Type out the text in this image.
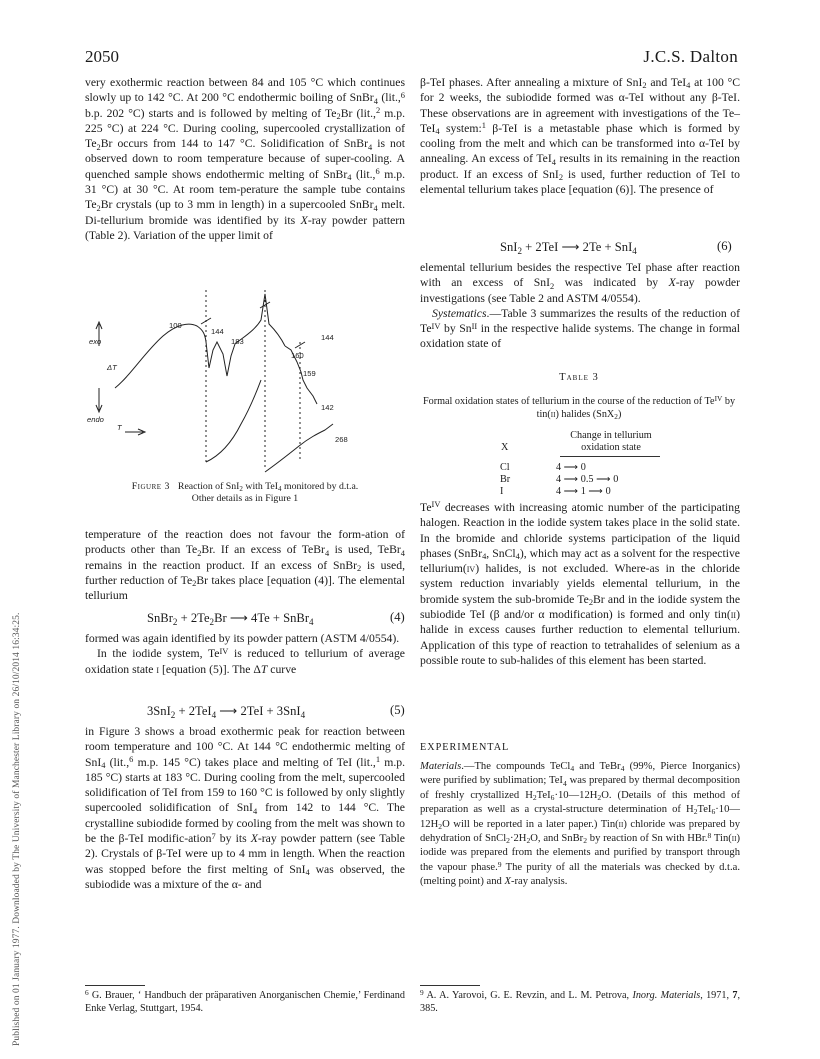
Published on 01 January 1977. Downloaded by The University of Manchester Library on 26/10/2014 16:34:25.
2050	J.C.S. Dalton

very exothermic reaction between 84 and 105 °C which continues slowly up to 142 °C. At 200 °C endothermic boiling of SnBr$_4$ (lit.,$^6$ b.p. 202 °C) starts and is followed by melting of $Te_2Br$ (lit.,$^2$ m.p. 225 °C) at 224 °C. During cooling, supercooled crystallization of $Te_2Br$ occurs from 144 to 147 °C. Solidification of SnBr$_4$ is not observed down to room temperature because of super-cooling. A quenched sample shows endothermic melting of SnBr$_4$ (lit.,$^6$ m.p. 31 °C) at 30 °C. At room tem-perature the sample tube contains $Te_2Br$ crystals (up to 3 mm in length) in a supercooled SnBr$_4$ melt. Di-tellurium bromide was identified by its X-ray powder pattern (Table 2). Variation of the upper limit of

exo
ΔT
endo
T
100
144
183	144
160
159
142
268
Figure 3 Reaction of SnI$_2$ with TeI$_4$ monitored by d.t.a.
Other details as in Figure 1

temperature of the reaction does not favour the form-ation of products other than $Te_2Br$. If an excess of TeBr$_4$ is used, TeBr$_4$ remains in the reaction product. If an excess of SnBr$_2$ is used, further reduction of $Te_2Br$ takes place [equation (4)]. The elemental tellurium

SnBr$_2$ + $2Te_2Br$ ⟶ 4Te + SnBr$_4$	(4)

formed was again identified by its powder pattern (ASTM 4/0554).

In the iodide system, $Te^{IV}$ is reduced to tellurium of average oxidation state i [equation (5)]. The ΔT curve

3SnI$_2$ + 2TeI$_4$ ⟶ 2TeI + 3SnI$_4$	(5)

in Figure 3 shows a broad exothermic peak for reaction between room temperature and 100 °C. At 144 °C endothermic melting of SnI$_4$ (lit.,$^6$ m.p. 145 °C) takes place and melting of TeI (lit.,$^1$ m.p. 185 °C) starts at 183 °C. During cooling from the melt, supercooled solidification of TeI from 159 to 160 °C is followed by only slightly supercooled solidification of SnI$_4$ from 142 to 144 °C. The crystalline subiodide formed by cooling from the melt was shown to be the β-TeI modific-ation$^7$ by its X-ray powder pattern (see Table 2). Crystals of β-TeI were up to 4 mm in length. When the reaction was stopped before the first melting of SnI$_4$ was observed, the subiodide was a mixture of the α- and

$^6$ G. Brauer, ‘ Handbuch der präparativen Anorganischen Chemie,’ Ferdinand Enke Verlag, Stuttgart, 1954.

β-TeI phases. After annealing a mixture of SnI$_2$ and TeI$_4$ at 100 °C for 2 weeks, the subiodide formed was α-TeI without any β-TeI. These observations are in agreement with investigations of the Te–TeI$_4$ system:$^1$ β-TeI is a metastable phase which is formed by cooling from the melt and which can be transformed into α-TeI by annealing. An excess of TeI$_4$ results in its remaining in the reaction product. If an excess of SnI$_2$ is used, further reduction of TeI to elemental tellurium takes place [equation (6)]. The presence of

SnI$_2$ + 2TeI ⟶ 2Te + SnI$_4$	(6)

elemental tellurium besides the respective TeI phase after reaction with an excess of SnI$_2$ was indicated by X-ray powder investigations (see Table 2 and ASTM 4/0554).

Systematics.—Table 3 summarizes the results of the reduction of $Te^{IV}$ by $Sn^{II}$ in the respective halide systems. The change in formal oxidation state of

Table 3
Formal oxidation states of tellurium in the course of the reduction of $Te^{IV}$ by tin(ii) halides (SnX$_2$)
X
Change in tellurium
oxidation state
Cl	4 ⟶ 0
Br	4 ⟶ 0.5 ⟶ 0
I	4 ⟶ 1 ⟶ 0

$Te^{IV}$ decreases with increasing atomic number of the participating halogen. Reaction in the iodide system takes place in the solid state. In the bromide and chloride systems participation of the liquid phases (SnBr$_4$, SnCl$_4$), which may act as a solvent for the respective tellurium(iv) halides, is not excluded. Where-as in the chloride system reduction invariably yields elemental tellurium, in the bromide system the sub-bromide $Te_2Br$ and in the iodide system the subiodide TeI (β and/or α modification) is formed and only tin(ii) halide in excess causes further reduction to elemental tellurium. Application of this type of reaction to tetrahalides of selenium as a possible route to sub-halides of this element has been started.

EXPERIMENTAL
Materials.—The compounds TeCl$_4$ and TeBr$_4$ (99%, Pierce Inorganics) were purified by sublimation; TeI$_4$ was prepared by thermal decomposition of freshly crystallized $H_2TeI_6\cdot 10—12H_2O$. (Details of this method of preparation as well as a crystal-structure determination of $H_2TeI_6\cdot 10—12H_2O$ will be reported in a later paper.) Tin(ii) chloride was prepared by dehydration of $SnCl_2\cdot 2H_2O$, and SnBr$_2$ by reaction of Sn with HBr.$^8$ Tin(ii) iodide was prepared from the elements and purified by transport through the vapour phase.$^9$ The purity of all the materials was checked by d.t.a. (melting point) and X-ray analysis.
$^9$ A. A. Yarovoi, G. E. Revzin, and L. M. Petrova, Inorg. Materials, 1971, 7, 385.
